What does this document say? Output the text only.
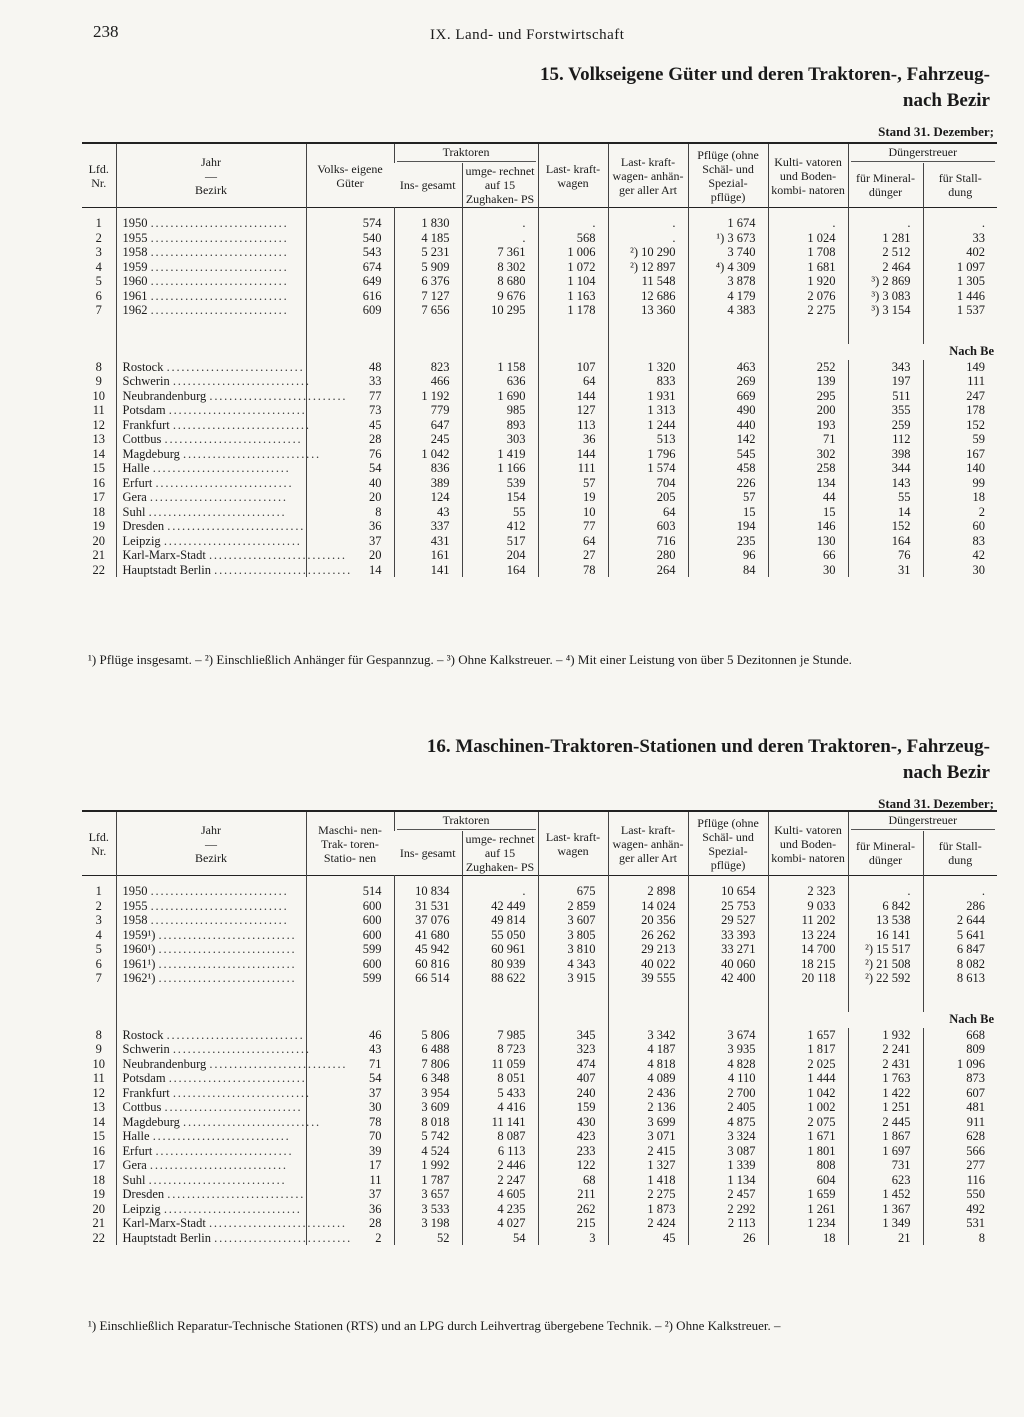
238	IX. Land- und Forstwirtschaft
15. Volkseigene Güter und deren Traktoren-, Fahrzeug-
nach Bezir
Stand 31. Dezember;
Lfd. Nr.	Jahr
—
Bezirk	Volks- eigene Güter	Traktoren		Last- kraft- wagen	Last- kraft- wagen- anhän- ger aller Art	Pflüge (ohne Schäl- und Spezial- pflüge)	Kulti- vatoren und Boden- kombi- natoren	Düngerstreuer	

			Ins- gesamt	umge- rechnet auf 15 Zughaken- PS					für Mineral- dünger	für Stall- dung
1	1950 ............................	574	1 830	.	.	.	1 674	.	.	.
2	1955 ............................	540	4 185	.	568	.	¹) 3 673	1 024	1 281	33
3	1958 ............................	543	5 231	7 361	1 006	²) 10 290	3 740	1 708	2 512	402
4	1959 ............................	674	5 909	8 302	1 072	²) 12 897	⁴) 4 309	1 681	2 464	1 097
5	1960 ............................	649	6 376	8 680	1 104	11 548	3 878	1 920	³) 2 869	1 305
6	1961 ............................	616	7 127	9 676	1 163	12 686	4 179	2 076	³) 3 083	1 446
7	1962 ............................	609	7 656	10 295	1 178	13 360	4 383	2 275	³) 3 154	1 537

									Nach Be	
8	Rostock ............................	48	823	1 158	107	1 320	463	252	343	149
9	Schwerin ............................	33	466	636	64	833	269	139	197	111
10	Neubrandenburg ............................	77	1 192	1 690	144	1 931	669	295	511	247
11	Potsdam ............................	73	779	985	127	1 313	490	200	355	178
12	Frankfurt ............................	45	647	893	113	1 244	440	193	259	152
13	Cottbus ............................	28	245	303	36	513	142	71	112	59
14	Magdeburg ............................	76	1 042	1 419	144	1 796	545	302	398	167
15	Halle ............................	54	836	1 166	111	1 574	458	258	344	140
16	Erfurt ............................	40	389	539	57	704	226	134	143	99
17	Gera ............................	20	124	154	19	205	57	44	55	18
18	Suhl ............................	8	43	55	10	64	15	15	14	2
19	Dresden ............................	36	337	412	77	603	194	146	152	60
20	Leipzig ............................	37	431	517	64	716	235	130	164	83
21	Karl-Marx-Stadt ............................	20	161	204	27	280	96	66	76	42
22	Hauptstadt Berlin ............................	14	141	164	78	264	84	30	31	30
¹) Pflüge insgesamt. – ²) Einschließlich Anhänger für Gespannzug. – ³) Ohne Kalkstreuer. – ⁴) Mit einer Leistung von über 5 Dezitonnen je Stunde.
16. Maschinen-Traktoren-Stationen und deren Traktoren-, Fahrzeug-
nach Bezir
Stand 31. Dezember;
Lfd. Nr.	Jahr
—
Bezirk	Maschi- nen- Trak- toren- Statio- nen	Traktoren		Last- kraft- wagen	Last- kraft- wagen- anhän- ger aller Art	Pflüge (ohne Schäl- und Spezial- pflüge)	Kulti- vatoren und Boden- kombi- natoren	Düngerstreuer	

			Ins- gesamt	umge- rechnet auf 15 Zughaken- PS					für Mineral- dünger	für Stall- dung
1	1950 ............................	514	10 834	.	675	2 898	10 654	2 323	.	.
2	1955 ............................	600	31 531	42 449	2 859	14 024	25 753	9 033	6 842	286
3	1958 ............................	600	37 076	49 814	3 607	20 356	29 527	11 202	13 538	2 644
4	1959¹) ............................	600	41 680	55 050	3 805	26 262	33 393	13 224	16 141	5 641
5	1960¹) ............................	599	45 942	60 961	3 810	29 213	33 271	14 700	²) 15 517	6 847
6	1961¹) ............................	600	60 816	80 939	4 343	40 022	40 060	18 215	²) 21 508	8 082
7	1962¹) ............................	599	66 514	88 622	3 915	39 555	42 400	20 118	²) 22 592	8 613

									Nach Be	
8	Rostock ............................	46	5 806	7 985	345	3 342	3 674	1 657	1 932	668
9	Schwerin ............................	43	6 488	8 723	323	4 187	3 935	1 817	2 241	809
10	Neubrandenburg ............................	71	7 806	11 059	474	4 818	4 828	2 025	2 431	1 096
11	Potsdam ............................	54	6 348	8 051	407	4 089	4 110	1 444	1 763	873
12	Frankfurt ............................	37	3 954	5 433	240	2 436	2 700	1 042	1 422	607
13	Cottbus ............................	30	3 609	4 416	159	2 136	2 405	1 002	1 251	481
14	Magdeburg ............................	78	8 018	11 141	430	3 699	4 875	2 075	2 445	911
15	Halle ............................	70	5 742	8 087	423	3 071	3 324	1 671	1 867	628
16	Erfurt ............................	39	4 524	6 113	233	2 415	3 087	1 801	1 697	566
17	Gera ............................	17	1 992	2 446	122	1 327	1 339	808	731	277
18	Suhl ............................	11	1 787	2 247	68	1 418	1 134	604	623	116
19	Dresden ............................	37	3 657	4 605	211	2 275	2 457	1 659	1 452	550
20	Leipzig ............................	36	3 533	4 235	262	1 873	2 292	1 261	1 367	492
21	Karl-Marx-Stadt ............................	28	3 198	4 027	215	2 424	2 113	1 234	1 349	531
22	Hauptstadt Berlin ............................	2	52	54	3	45	26	18	21	8
¹) Einschließlich Reparatur-Technische Stationen (RTS) und an LPG durch Leihvertrag übergebene Technik. – ²) Ohne Kalkstreuer. –
